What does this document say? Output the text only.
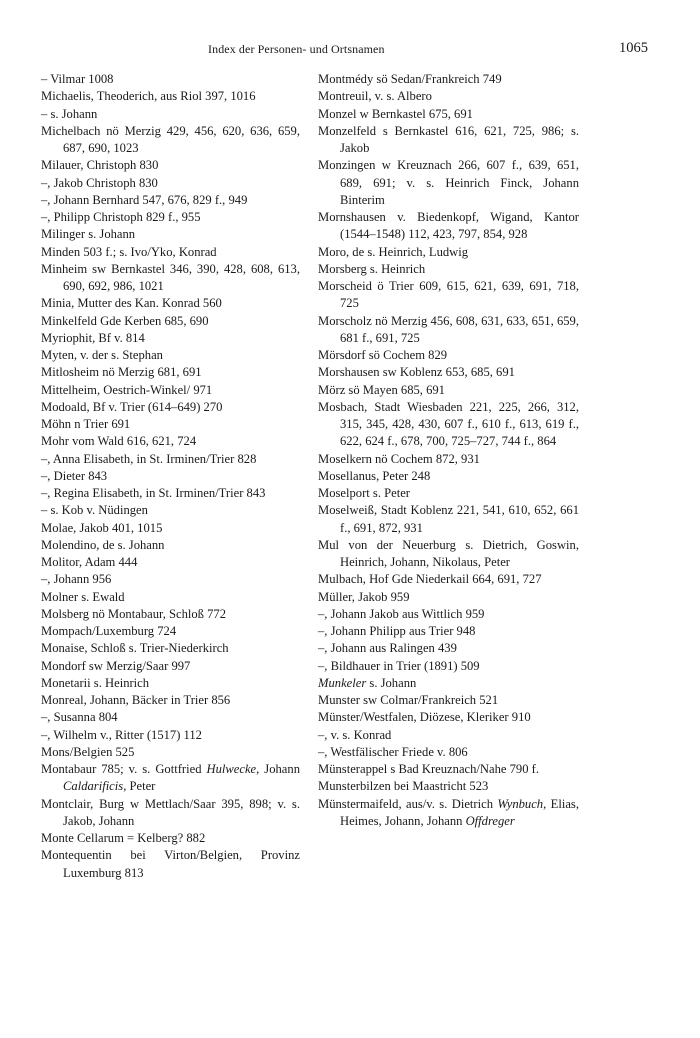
Index der Personen- und Ortsnamen	1065
– Vilmar 1008
Michaelis, Theoderich, aus Riol 397, 1016
– s. Johann
Michelbach nö Merzig 429, 456, 620, 636, 659, 687, 690, 1023
Milauer, Christoph 830
–, Jakob Christoph 830
–, Johann Bernhard 547, 676, 829 f., 949
–, Philipp Christoph 829 f., 955
Milinger s. Johann
Minden 503 f.; s. Ivo/Yko, Konrad
Minheim sw Bernkastel 346, 390, 428, 608, 613, 690, 692, 986, 1021
Minia, Mutter des Kan. Konrad 560
Minkelfeld Gde Kerben 685, 690
Myriophit, Bf v. 814
Myten, v. der s. Stephan
Mitlosheim nö Merzig 681, 691
Mittelheim, Oestrich-Winkel/ 971
Modoald, Bf v. Trier (614–649) 270
Möhn n Trier 691
Mohr vom Wald 616, 621, 724
–, Anna Elisabeth, in St. Irminen/Trier 828
–, Dieter 843
–, Regina Elisabeth, in St. Irminen/Trier 843
– s. Kob v. Nüdingen
Molae, Jakob 401, 1015
Molendino, de s. Johann
Molitor, Adam 444
–, Johann 956
Molner s. Ewald
Molsberg nö Montabaur, Schloß 772
Mompach/Luxemburg 724
Monaise, Schloß s. Trier-Niederkirch
Mondorf sw Merzig/Saar 997
Monetarii s. Heinrich
Monreal, Johann, Bäcker in Trier 856
–, Susanna 804
–, Wilhelm v., Ritter (1517) 112
Mons/Belgien 525
Montabaur 785; v. s. Gottfried Hulwecke, Johann Caldarificis, Peter
Montclair, Burg w Mettlach/Saar 395, 898; v. s. Jakob, Johann
Monte Cellarum = Kelberg? 882
Montequentin bei Virton/Belgien, Provinz Luxemburg 813
Montmédy sö Sedan/Frankreich 749
Montreuil, v. s. Albero
Monzel w Bernkastel 675, 691
Monzelfeld s Bernkastel 616, 621, 725, 986; s. Jakob
Monzingen w Kreuznach 266, 607 f., 639, 651, 689, 691; v. s. Heinrich Finck, Johann Binterim
Mornshausen v. Biedenkopf, Wigand, Kantor (1544–1548) 112, 423, 797, 854, 928
Moro, de s. Heinrich, Ludwig
Morsberg s. Heinrich
Morscheid ö Trier 609, 615, 621, 639, 691, 718, 725
Morscholz nö Merzig 456, 608, 631, 633, 651, 659, 681 f., 691, 725
Mörsdorf sö Cochem 829
Morshausen sw Koblenz 653, 685, 691
Mörz sö Mayen 685, 691
Mosbach, Stadt Wiesbaden 221, 225, 266, 312, 315, 345, 428, 430, 607 f., 610 f., 613, 619 f., 622, 624 f., 678, 700, 725–727, 744 f., 864
Moselkern nö Cochem 872, 931
Mosellanus, Peter 248
Moselport s. Peter
Moselweiß, Stadt Koblenz 221, 541, 610, 652, 661 f., 691, 872, 931
Mul von der Neuerburg s. Dietrich, Goswin, Heinrich, Johann, Nikolaus, Peter
Mulbach, Hof Gde Niederkail 664, 691, 727
Müller, Jakob 959
–, Johann Jakob aus Wittlich 959
–, Johann Philipp aus Trier 948
–, Johann aus Ralingen 439
–, Bildhauer in Trier (1891) 509
Munkeler s. Johann
Munster sw Colmar/Frankreich 521
Münster/Westfalen, Diözese, Kleriker 910
–, v. s. Konrad
–, Westfälischer Friede v. 806
Münsterappel s Bad Kreuznach/Nahe 790 f.
Munsterbilzen bei Maastricht 523
Münstermaifeld, aus/v. s. Dietrich Wynbuch, Elias, Heimes, Johann, Johann Offdreger
